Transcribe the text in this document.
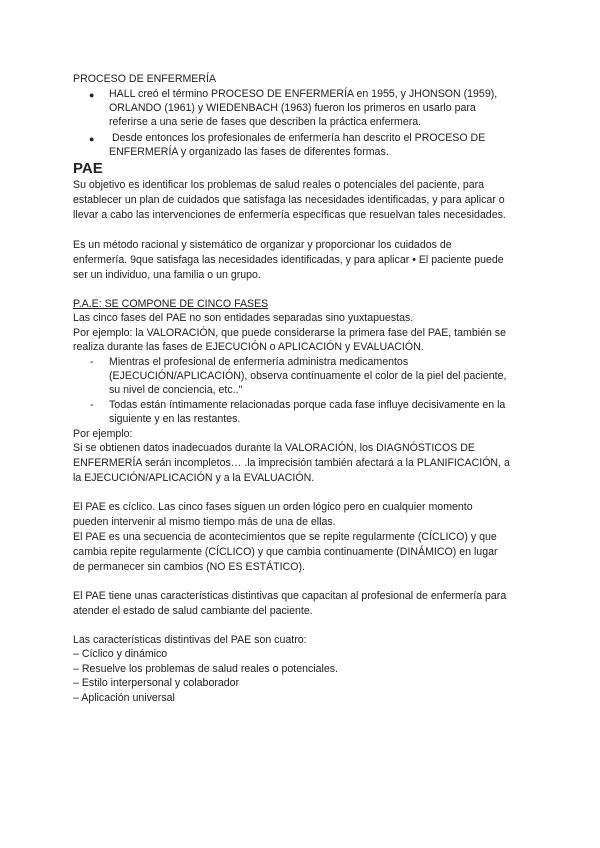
PROCESO DE ENFERMERÍA
● HALL creó el término PROCESO DE ENFERMERÍA en 1955, y JHONSON (1959),
ORLANDO (1961) y WIEDENBACH (1963) fueron los primeros en usarlo para
referirse a una serie de fases que describen la práctica enfermera.
● Desde entonces los profesionales de enfermería han descrito el PROCESO DE
ENFERMERÍA y organizado las fases de diferentes formas.
PAE
Su objetivo es identificar los problemas de salud reales o potenciales del paciente, para
establecer un plan de cuidados que satisfaga las necesidades identificadas, y para aplicar o
llevar a cabo las intervenciones de enfermería específicas que resuelvan tales necesidades.
Es un método racional y sistemático de organizar y proporcionar los cuidados de
enfermería. 9que satisfaga las necesidades identificadas, y para aplicar • El paciente puede
ser un individuo, una familia o un grupo.
P.A.E: SE COMPONE DE CINCO FASES
Las cinco fases del PAE no son entidades separadas sino yuxtapuestas.
Por ejemplo: la VALORACIÓN, que puede considerarse la primera fase del PAE, también se
realiza durante las fases de EJECUCIÓN o APLICACIÓN y EVALUACIÓN.
- Mientras el profesional de enfermería administra medicamentos
(EJECUCIÓN/APLICACIÓN), observa contínuamente el color de la piel del paciente,
su nivel de conciencia, etc.."
- Todas están íntimamente relacionadas porque cada fase influye decisivamente en la
siguiente y en las restantes.
Por ejemplo:
Si se obtienen datos inadecuados durante la VALORACIÓN, los DIAGNÓSTICOS DE
ENFERMERÍA serán incompletos… .la imprecisión también afectará a la PLANIFICACIÓN, a
la EJECUCIÓN/APLICACIÓN y a la EVALUACIÓN.
El PAE es cíclico. Las cinco fases siguen un orden lógico pero en cualquier momento
pueden intervenir al mismo tiempo más de una de ellas.
El PAE es una secuencia de acontecimientos que se repite regularmente (CÍCLICO) y que
cambia repite regularmente (CÍCLICO) y que cambia continuamente (DINÁMICO) en lugar
de permanecer sin cambios (NO ES ESTÁTICO).
El PAE tiene unas características distintivas que capacitan al profesional de enfermería para
atender el estado de salud cambiante del paciente.
Las características distintivas del PAE son cuatro:
– Cíclico y dinámico
– Resuelve los problemas de salud reales o potenciales.
– Estilo interpersonal y colaborador
– Aplicación universal
